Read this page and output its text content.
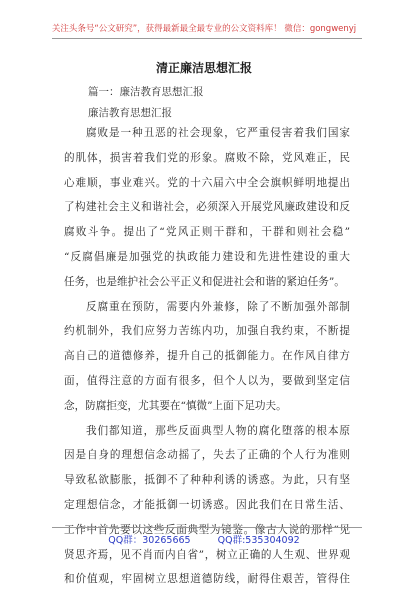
关注头条号“公文研究”，获得最新最全最专业的公文资料库！ 微信：gongwenyj
清正廉洁思想汇报
篇一：廉洁教育思想汇报
廉洁教育思想汇报
腐败是一种丑恶的社会现象，它严重侵害着我们国家
的肌体，损害着我们党的形象。腐败不除，党风难正，民
心难顺，事业难兴。党的十六届六中全会旗帜鲜明地提出
了构建社会主义和谐社会，必须深入开展党风廉政建设和反
腐败斗争。提出了“党风正则干群和，干群和则社会稳”
“反腐倡廉是加强党的执政能力建设和先进性建设的重大
任务，也是维护社会公平正义和促进社会和谐的紧迫任务”。
反腐重在预防，需要内外兼修，除了不断加强外部制
约机制外，我们应努力苦练内功，加强自我约束，不断提
高自己的道德修养，提升自己的抵御能力。在作风自律方
面，值得注意的方面有很多，但个人以为，要做到坚定信
念，防腐拒变，尤其要在“慎微”上面下足功夫。
我们都知道，那些反面典型人物的腐化堕落的根本原
因是自身的理想信念动摇了，失去了正确的个人行为准则
导致私欲膨胀，抵御不了种种利诱的诱惑。为此，只有坚
定理想信念，才能抵御一切诱惑。因此我们在日常生活、
工作中首先要以这些反面典型为镜鉴。像古人说的那样“见
贤思齐焉，见不肖而内自省”，树立正确的人生观、世界观
和价值观，牢固树立思想道德防线，耐得住艰苦，管得住
QQ群：30265665	QQ群:535304092
